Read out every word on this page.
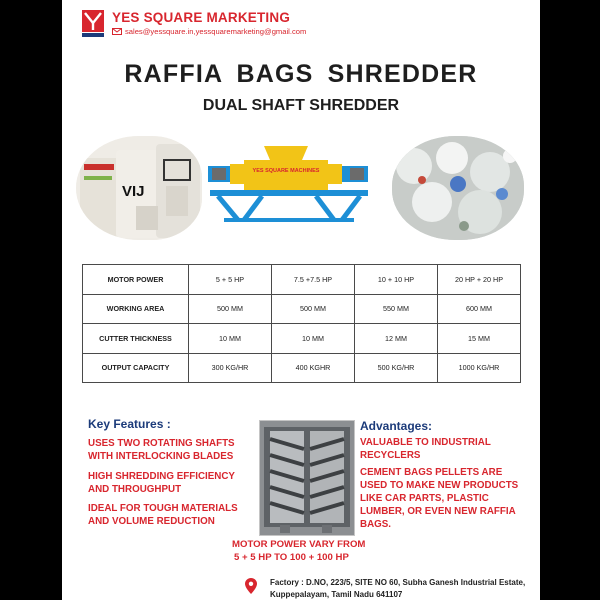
YES SQUARE MARKETING
sales@yessquare.in,yessquaremarketing@gmail.com
RAFFIA BAGS SHREDDER
DUAL SHAFT SHREDDER
VIJ
YES SQUARE MACHINES
MOTOR POWER	5 + 5 HP	7.5 +7.5 HP	10 + 10 HP	20 HP + 20 HP
WORKING AREA	500 MM	500 MM	550 MM	600 MM
CUTTER THICKNESS	10 MM	10 MM	12 MM	15 MM
OUTPUT CAPACITY	300 KG/HR	400 KGHR	500 KG/HR	1000 KG/HR
Key Features :
USES TWO ROTATING SHAFTS WITH INTERLOCKING BLADES
HIGH SHREDDING EFFICIENCY AND THROUGHPUT
IDEAL FOR TOUGH MATERIALS AND VOLUME REDUCTION
Advantages:
VALUABLE TO INDUSTRIAL RECYCLERS
CEMENT BAGS PELLETS ARE USED TO MAKE NEW PRODUCTS LIKE CAR PARTS, PLASTIC LUMBER, OR EVEN NEW RAFFIA BAGS.
MOTOR POWER VARY FROM
5 + 5 HP TO 100 + 100 HP
Factory : D.NO, 223/5, SITE NO 60, Subha Ganesh Industrial Estate,
Kuppepalayam, Tamil Nadu 641107
